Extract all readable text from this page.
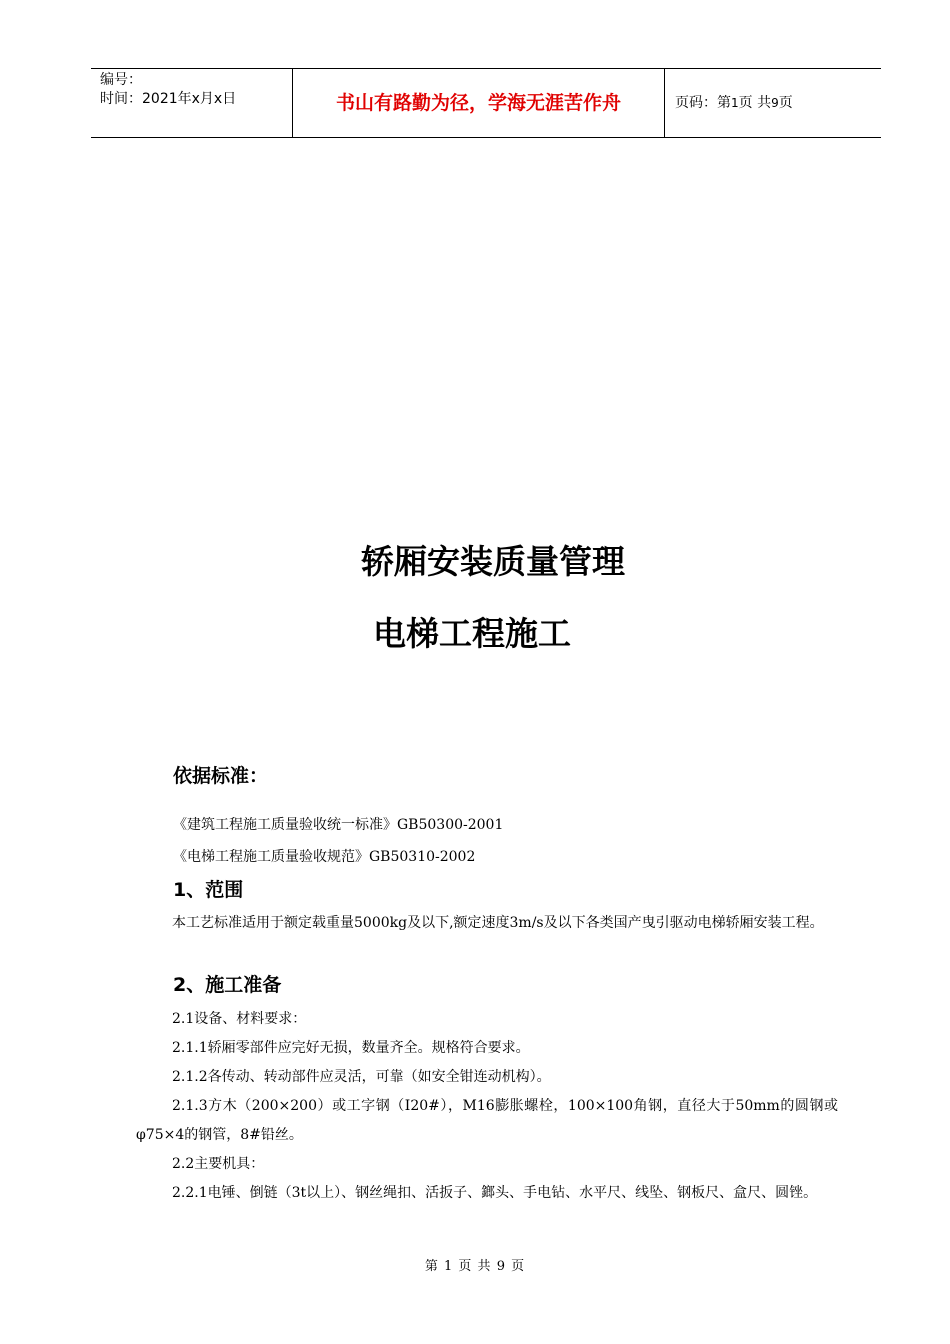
编号：
时间：2021年x月x日	书山有路勤为径，学海无涯苦作舟	页码：第1页 共9页
轿厢安装质量管理
电梯工程施工
依据标准：
《建筑工程施工质量验收统一标准》GB50300-2001
《电梯工程施工质量验收规范》GB50310-2002
1、范围
本工艺标准适用于额定载重量5000kg及以下,额定速度3m/s及以下各类国产曳引驱动电梯轿厢安装工程。
2、施工准备
2.1设备、材料要求：
2.1.1轿厢零部件应完好无损，数量齐全。规格符合要求。
2.1.2各传动、转动部件应灵活，可靠（如安全钳连动机构）。
2.1.3方木（200×200）或工字钢（I20#），M16膨胀螺栓，100×100角钢，直径大于50mm的圆钢或φ75×4的钢管，8#铅丝。
2.2主要机具：
2.2.1电锤、倒链（3t以上）、钢丝绳扣、活扳子、鎯头、手电钻、水平尺、线坠、钢板尺、盒尺、圆锉。
第 1 页 共 9 页
